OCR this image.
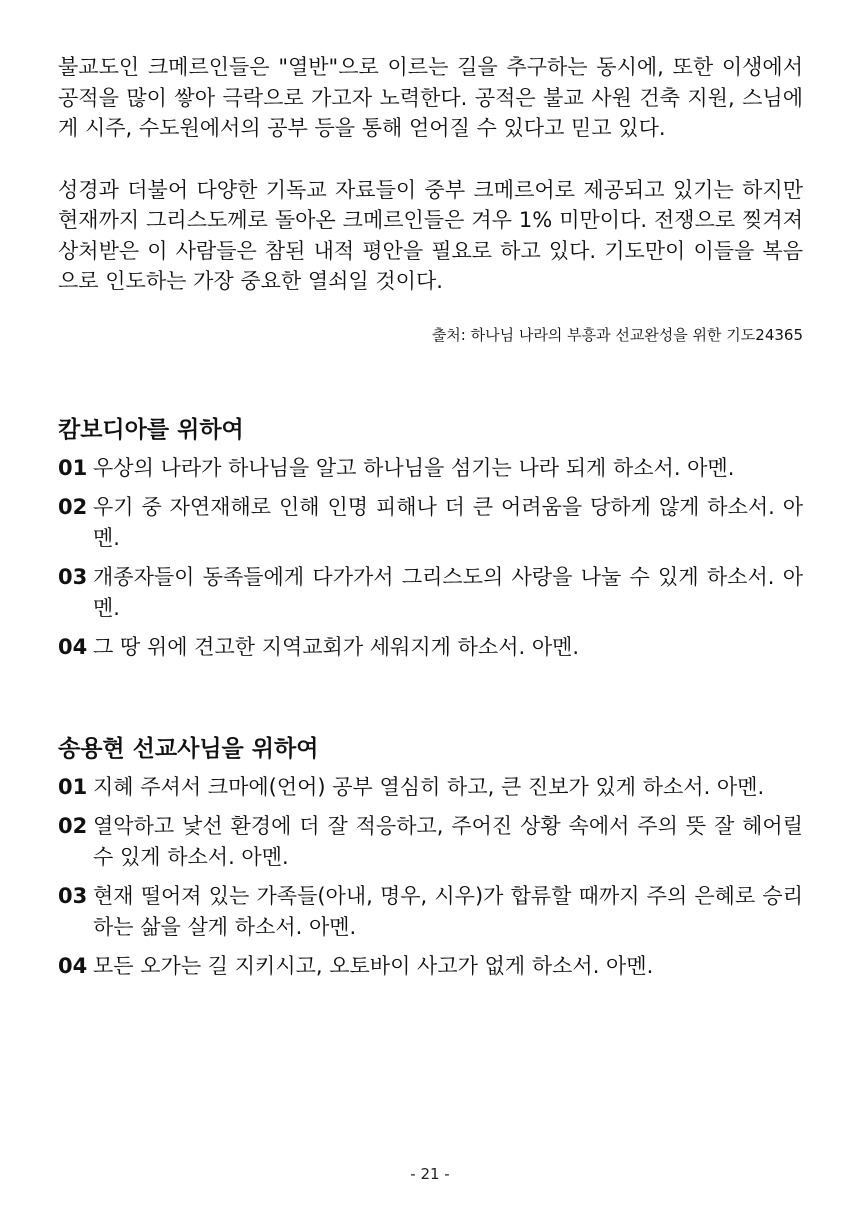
불교도인 크메르인들은 "열반"으로 이르는 길을 추구하는 동시에, 또한 이생에서 공적을 많이 쌓아 극락으로 가고자 노력한다. 공적은 불교 사원 건축 지원, 스님에게 시주, 수도원에서의 공부 등을 통해 얻어질 수 있다고 믿고 있다.

성경과 더불어 다양한 기독교 자료들이 중부 크메르어로 제공되고 있기는 하지만 현재까지 그리스도께로 돌아온 크메르인들은 겨우 1% 미만이다. 전쟁으로 찢겨져 상처받은 이 사람들은 참된 내적 평안을 필요로 하고 있다. 기도만이 이들을 복음으로 인도하는 가장 중요한 열쇠일 것이다.

출처: 하나님 나라의 부흥과 선교완성을 위한 기도24365
캄보디아를 위하여
01 우상의 나라가 하나님을 알고 하나님을 섬기는 나라 되게 하소서. 아멘.
02 우기 중 자연재해로 인해 인명 피해나 더 큰 어려움을 당하게 않게 하소서. 아멘.
03 개종자들이 동족들에게 다가가서 그리스도의 사랑을 나눌 수 있게 하소서. 아멘.
04 그 땅 위에 견고한 지역교회가 세워지게 하소서. 아멘.
송용현 선교사님을 위하여
01 지혜 주셔서 크마에(언어) 공부 열심히 하고, 큰 진보가 있게 하소서. 아멘.
02 열악하고 낯선 환경에 더 잘 적응하고, 주어진 상황 속에서 주의 뜻 잘 헤어릴 수 있게 하소서. 아멘.
03 현재 떨어져 있는 가족들(아내, 명우, 시우)가 합류할 때까지 주의 은혜로 승리하는 삶을 살게 하소서. 아멘.
04 모든 오가는 길 지키시고, 오토바이 사고가 없게 하소서. 아멘.
- 21 -
